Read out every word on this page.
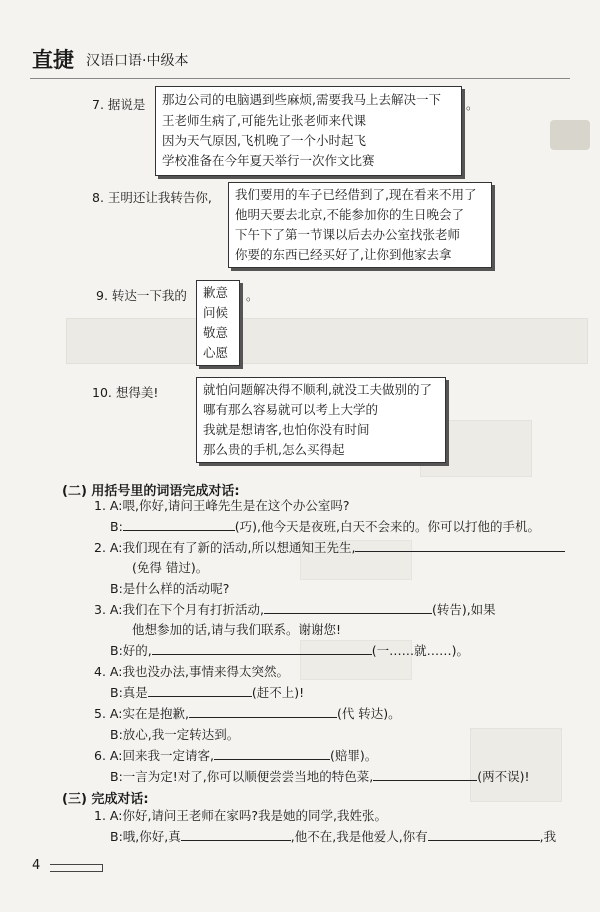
直捷 汉语口语·中级本
7. 据说是 那边公司的电脑遇到些麻烦,需要我马上去解决一下
王老师生病了,可能先让张老师来代课
因为天气原因,飞机晚了一个小时起飞
学校准备在今年夏天举行一次作文比赛
。
8. 王明还让我转告你, 我们要用的车子已经借到了,现在看来不用了
他明天要去北京,不能参加你的生日晚会了
下午下了第一节课以后去办公室找张老师
你要的东西已经买好了,让你到他家去拿
9. 转达一下我的 歉意
问候
敬意
心愿
。
10. 想得美!	就怕问题解决得不顺利,就没工夫做别的了
哪有那么容易就可以考上大学的
我就是想请客,也怕你没有时间
那么贵的手机,怎么买得起
(二) 用括号里的词语完成对话:
1. A:喂,你好,请问王峰先生是在这个办公室吗?
B:	(巧),他今天是夜班,白天不会来的。你可以打他的手机。
2. A:我们现在有了新的活动,所以想通知王先生,
(免得 错过)。
B:是什么样的活动呢?
3. A:我们在下个月有打折活动,	(转告),如果
他想参加的话,请与我们联系。谢谢您!
B:好的,	(一……就……)。
4. A:我也没办法,事情来得太突然。
B:真是	(赶不上)!
5. A:实在是抱歉,	(代 转达)。
B:放心,我一定转达到。
6. A:回来我一定请客,	(赔罪)。
B:一言为定!对了,你可以顺便尝尝当地的特色菜,	(两不误)!
(三) 完成对话:
1. A:你好,请问王老师在家吗?我是她的同学,我姓张。
B:哦,你好,真	,他不在,我是他爱人,你有	,我
4
